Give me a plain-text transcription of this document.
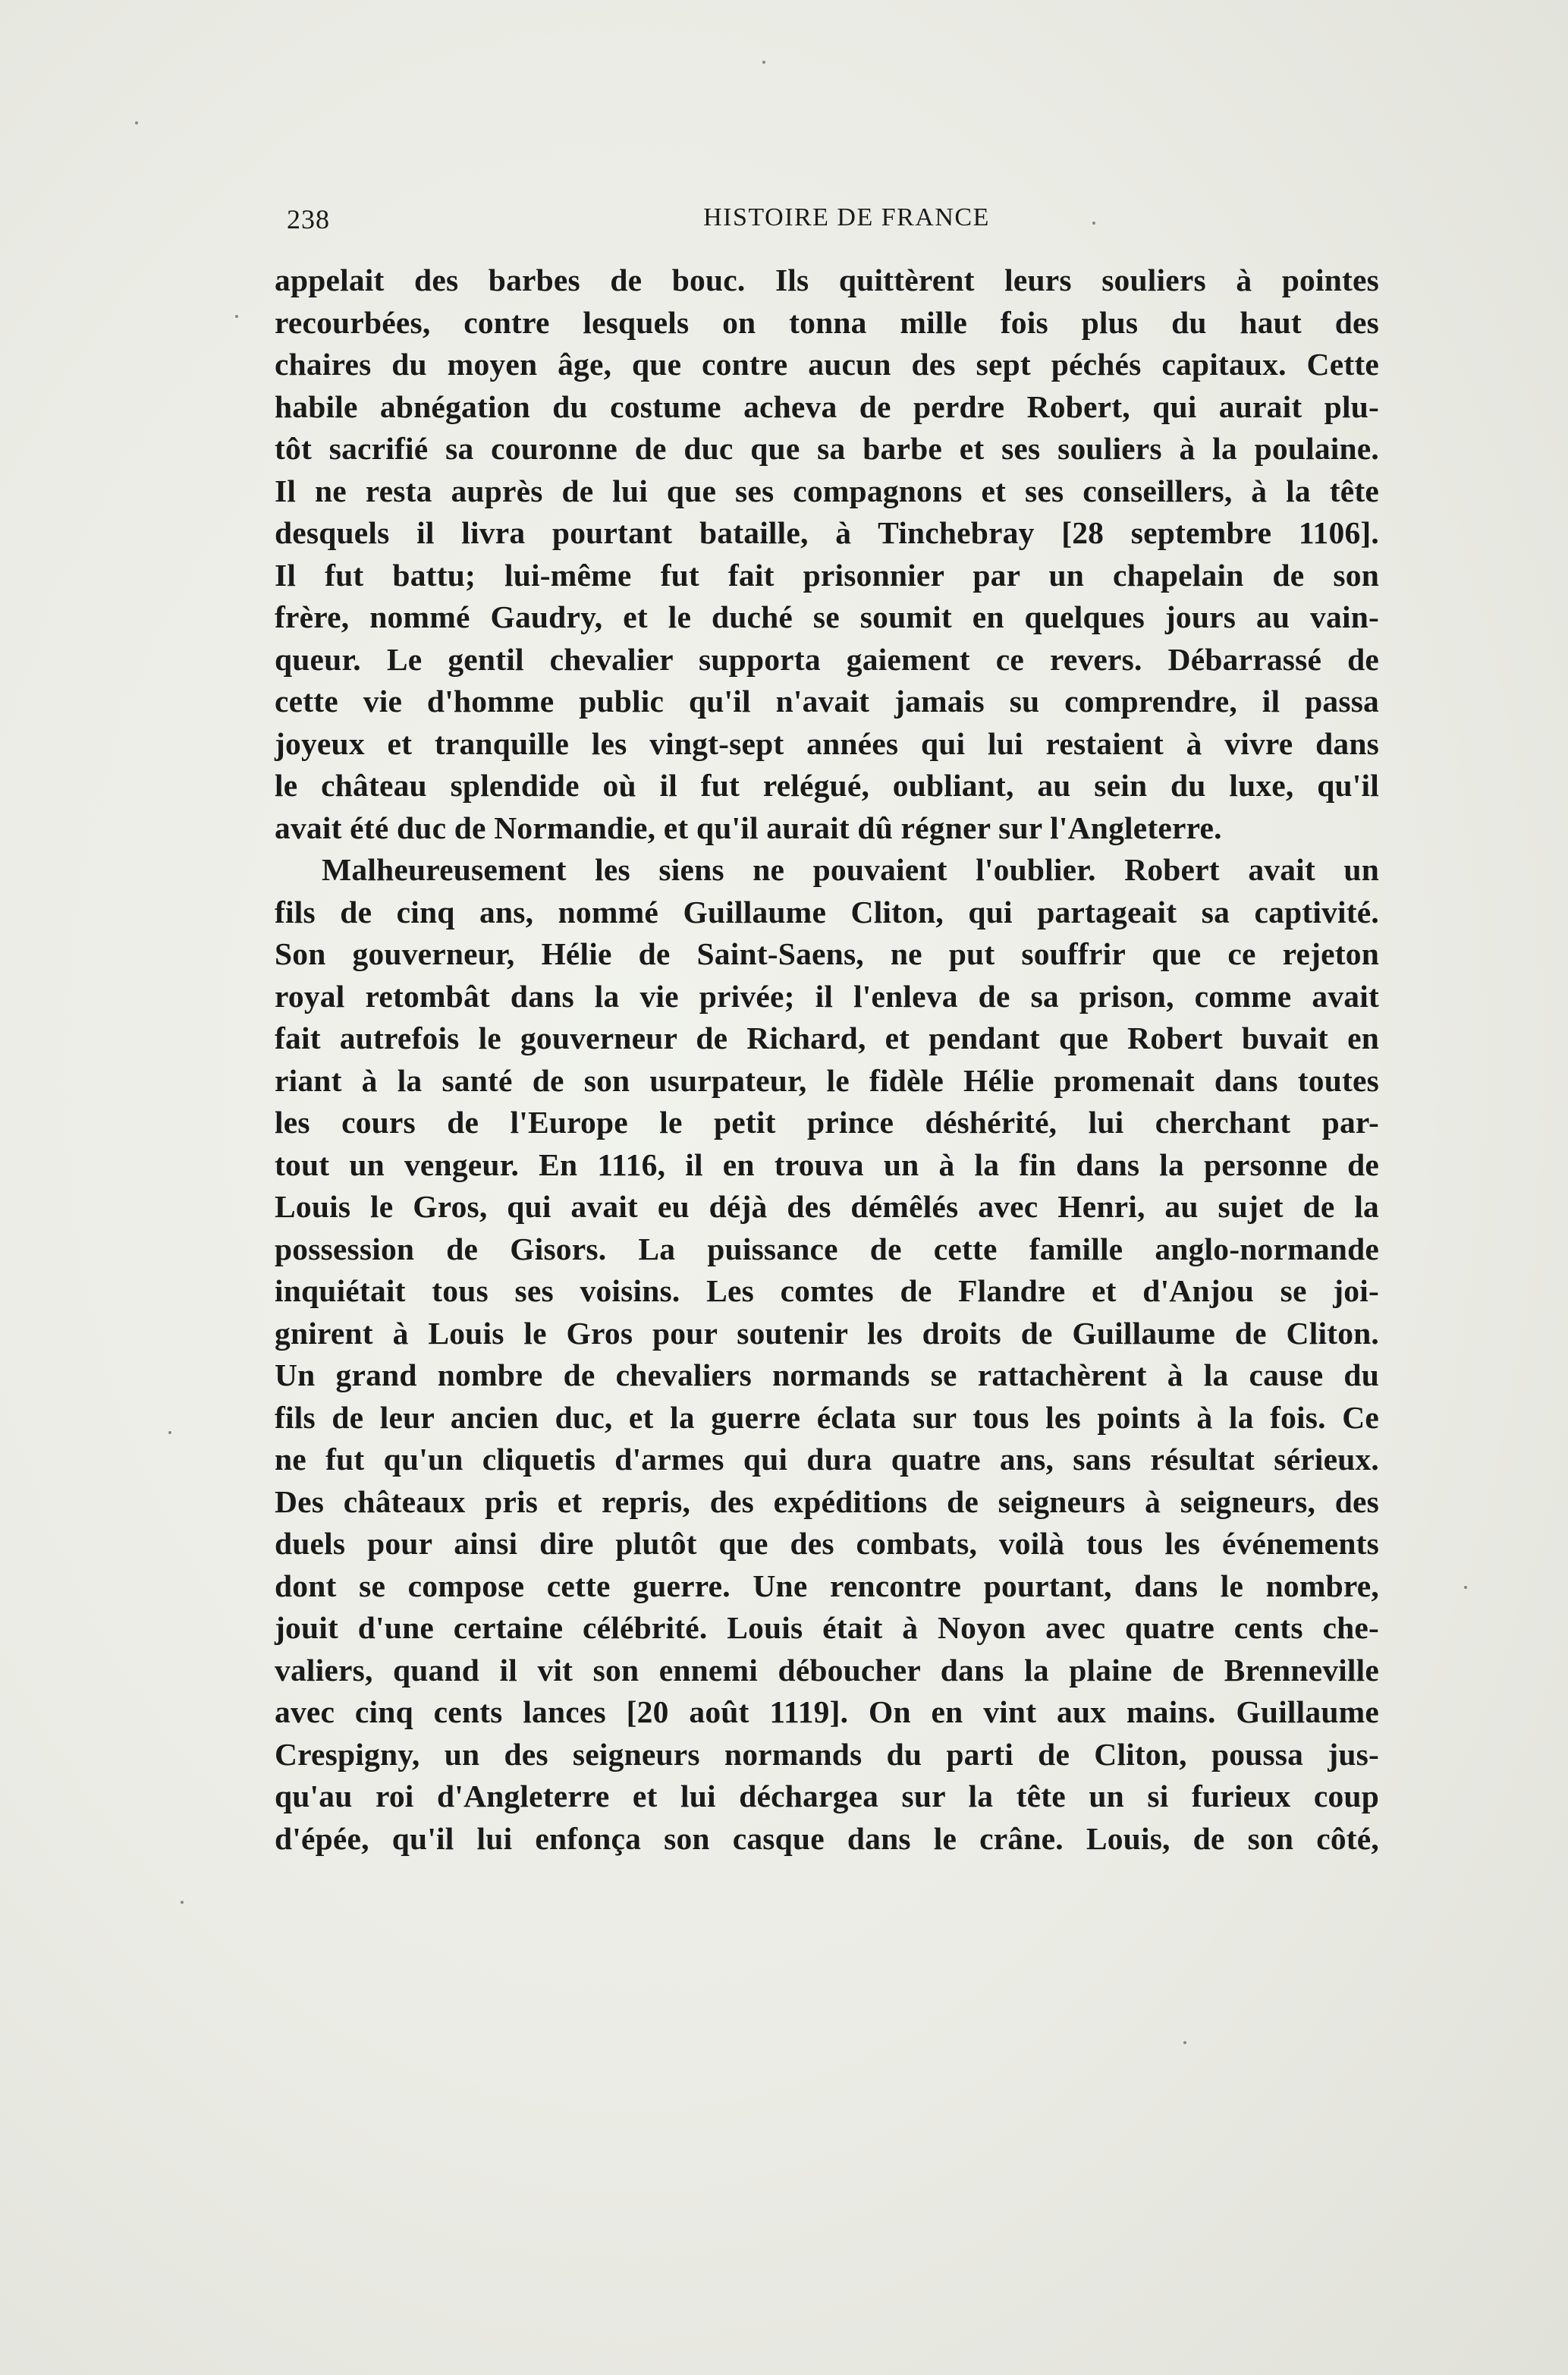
238	HISTOIRE DE FRANCE
appelait des barbes de bouc. Ils quittèrent leurs souliers à pointes
recourbées, contre lesquels on tonna mille fois plus du haut des
chaires du moyen âge, que contre aucun des sept péchés capitaux. Cette
habile abnégation du costume acheva de perdre Robert, qui aurait plu-
tôt sacrifié sa couronne de duc que sa barbe et ses souliers à la poulaine.
Il ne resta auprès de lui que ses compagnons et ses conseillers, à la tête
desquels il livra pourtant bataille, à Tinchebray [28 septembre 1106].
Il fut battu; lui-même fut fait prisonnier par un chapelain de son
frère, nommé Gaudry, et le duché se soumit en quelques jours au vain-
queur. Le gentil chevalier supporta gaiement ce revers. Débarrassé de
cette vie d'homme public qu'il n'avait jamais su comprendre, il passa
joyeux et tranquille les vingt-sept années qui lui restaient à vivre dans
le château splendide où il fut relégué, oubliant, au sein du luxe, qu'il
avait été duc de Normandie, et qu'il aurait dû régner sur l'Angleterre.
Malheureusement les siens ne pouvaient l'oublier. Robert avait un
fils de cinq ans, nommé Guillaume Cliton, qui partageait sa captivité.
Son gouverneur, Hélie de Saint-Saens, ne put souffrir que ce rejeton
royal retombât dans la vie privée; il l'enleva de sa prison, comme avait
fait autrefois le gouverneur de Richard, et pendant que Robert buvait en
riant à la santé de son usurpateur, le fidèle Hélie promenait dans toutes
les cours de l'Europe le petit prince déshérité, lui cherchant par-
tout un vengeur. En 1116, il en trouva un à la fin dans la personne de
Louis le Gros, qui avait eu déjà des démêlés avec Henri, au sujet de la
possession de Gisors. La puissance de cette famille anglo-normande
inquiétait tous ses voisins. Les comtes de Flandre et d'Anjou se joi-
gnirent à Louis le Gros pour soutenir les droits de Guillaume de Cliton.
Un grand nombre de chevaliers normands se rattachèrent à la cause du
fils de leur ancien duc, et la guerre éclata sur tous les points à la fois. Ce
ne fut qu'un cliquetis d'armes qui dura quatre ans, sans résultat sérieux.
Des châteaux pris et repris, des expéditions de seigneurs à seigneurs, des
duels pour ainsi dire plutôt que des combats, voilà tous les événements
dont se compose cette guerre. Une rencontre pourtant, dans le nombre,
jouit d'une certaine célébrité. Louis était à Noyon avec quatre cents che-
valiers, quand il vit son ennemi déboucher dans la plaine de Brenneville
avec cinq cents lances [20 août 1119]. On en vint aux mains. Guillaume
Crespigny, un des seigneurs normands du parti de Cliton, poussa jus-
qu'au roi d'Angleterre et lui déchargea sur la tête un si furieux coup
d'épée, qu'il lui enfonça son casque dans le crâne. Louis, de son côté,
